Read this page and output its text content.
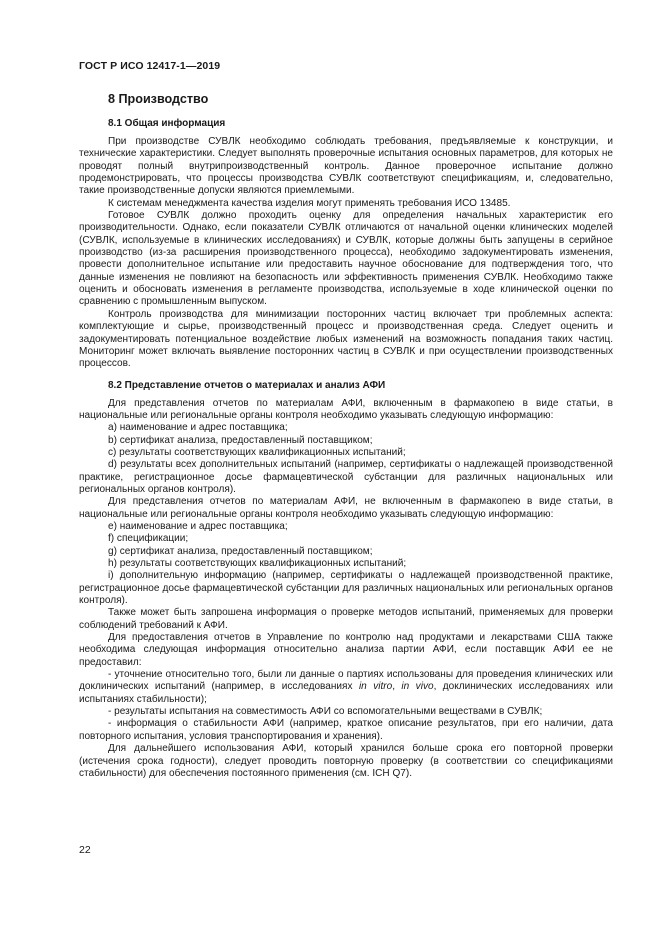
ГОСТ Р ИСО 12417-1—2019
8 Производство
8.1 Общая информация

При производстве СУВЛК необходимо соблюдать требования, предъявляемые к конструкции, и технические характеристики. Следует выполнять проверочные испытания основных параметров, для которых не проводят полный внутрипроизводственный контроль. Данное проверочное испытание должно продемонстрировать, что процессы производства СУВЛК соответствуют спецификациям, и, следовательно, такие производственные допуски являются приемлемыми.

К системам менеджмента качества изделия могут применять требования ИСО 13485.

Готовое СУВЛК должно проходить оценку для определения начальных характеристик его производительности. Однако, если показатели СУВЛК отличаются от начальной оценки клинических моделей (СУВЛК, используемые в клинических исследованиях) и СУВЛК, которые должны быть запущены в серийное производство (из-за расширения производственного процесса), необходимо задокументировать изменения, провести дополнительное испытание или предоставить научное обоснование для подтверждения того, что данные изменения не повлияют на безопасность или эффективность применения СУВЛК. Необходимо также оценить и обосновать изменения в регламенте производства, используемые в ходе клинической оценки по сравнению с промышленным выпуском.

Контроль производства для минимизации посторонних частиц включает три проблемных аспекта: комплектующие и сырье, производственный процесс и производственная среда. Следует оценить и задокументировать потенциальное воздействие любых изменений на возможность попадания таких частиц. Мониторинг может включать выявление посторонних частиц в СУВЛК и при осуществлении производственных процессов.

8.2 Представление отчетов о материалах и анализ АФИ

Для представления отчетов по материалам АФИ, включенным в фармакопею в виде статьи, в национальные или региональные органы контроля необходимо указывать следующую информацию:

a) наименование и адрес поставщика;

b) сертификат анализа, предоставленный поставщиком;

c) результаты соответствующих квалификационных испытаний;

d) результаты всех дополнительных испытаний (например, сертификаты о надлежащей производственной практике, регистрационное досье фармацевтической субстанции для различных национальных или региональных органов контроля).

Для представления отчетов по материалам АФИ, не включенным в фармакопею в виде статьи, в национальные или региональные органы контроля необходимо указывать следующую информацию:

e) наименование и адрес поставщика;

f) спецификации;

g) сертификат анализа, предоставленный поставщиком;

h) результаты соответствующих квалификационных испытаний;

i) дополнительную информацию (например, сертификаты о надлежащей производственной практике, регистрационное досье фармацевтической субстанции для различных национальных или региональных органов контроля).

Также может быть запрошена информация о проверке методов испытаний, применяемых для проверки соблюдений требований к АФИ.

Для предоставления отчетов в Управление по контролю над продуктами и лекарствами США также необходима следующая информация относительно анализа партии АФИ, если поставщик АФИ ее не предоставил:

- уточнение относительно того, были ли данные о партиях использованы для проведения клинических или доклинических испытаний (например, в исследованиях in vitro, in vivo, доклинических исследованиях или испытаниях стабильности);

- результаты испытания на совместимость АФИ со вспомогательными веществами в СУВЛК;

- информация о стабильности АФИ (например, краткое описание результатов, при его наличии, дата повторного испытания, условия транспортирования и хранения).

Для дальнейшего использования АФИ, который хранился больше срока его повторной проверки (истечения срока годности), следует проводить повторную проверку (в соответствии со спецификациями стабильности) для обеспечения постоянного применения (см. ICH Q7).

22
